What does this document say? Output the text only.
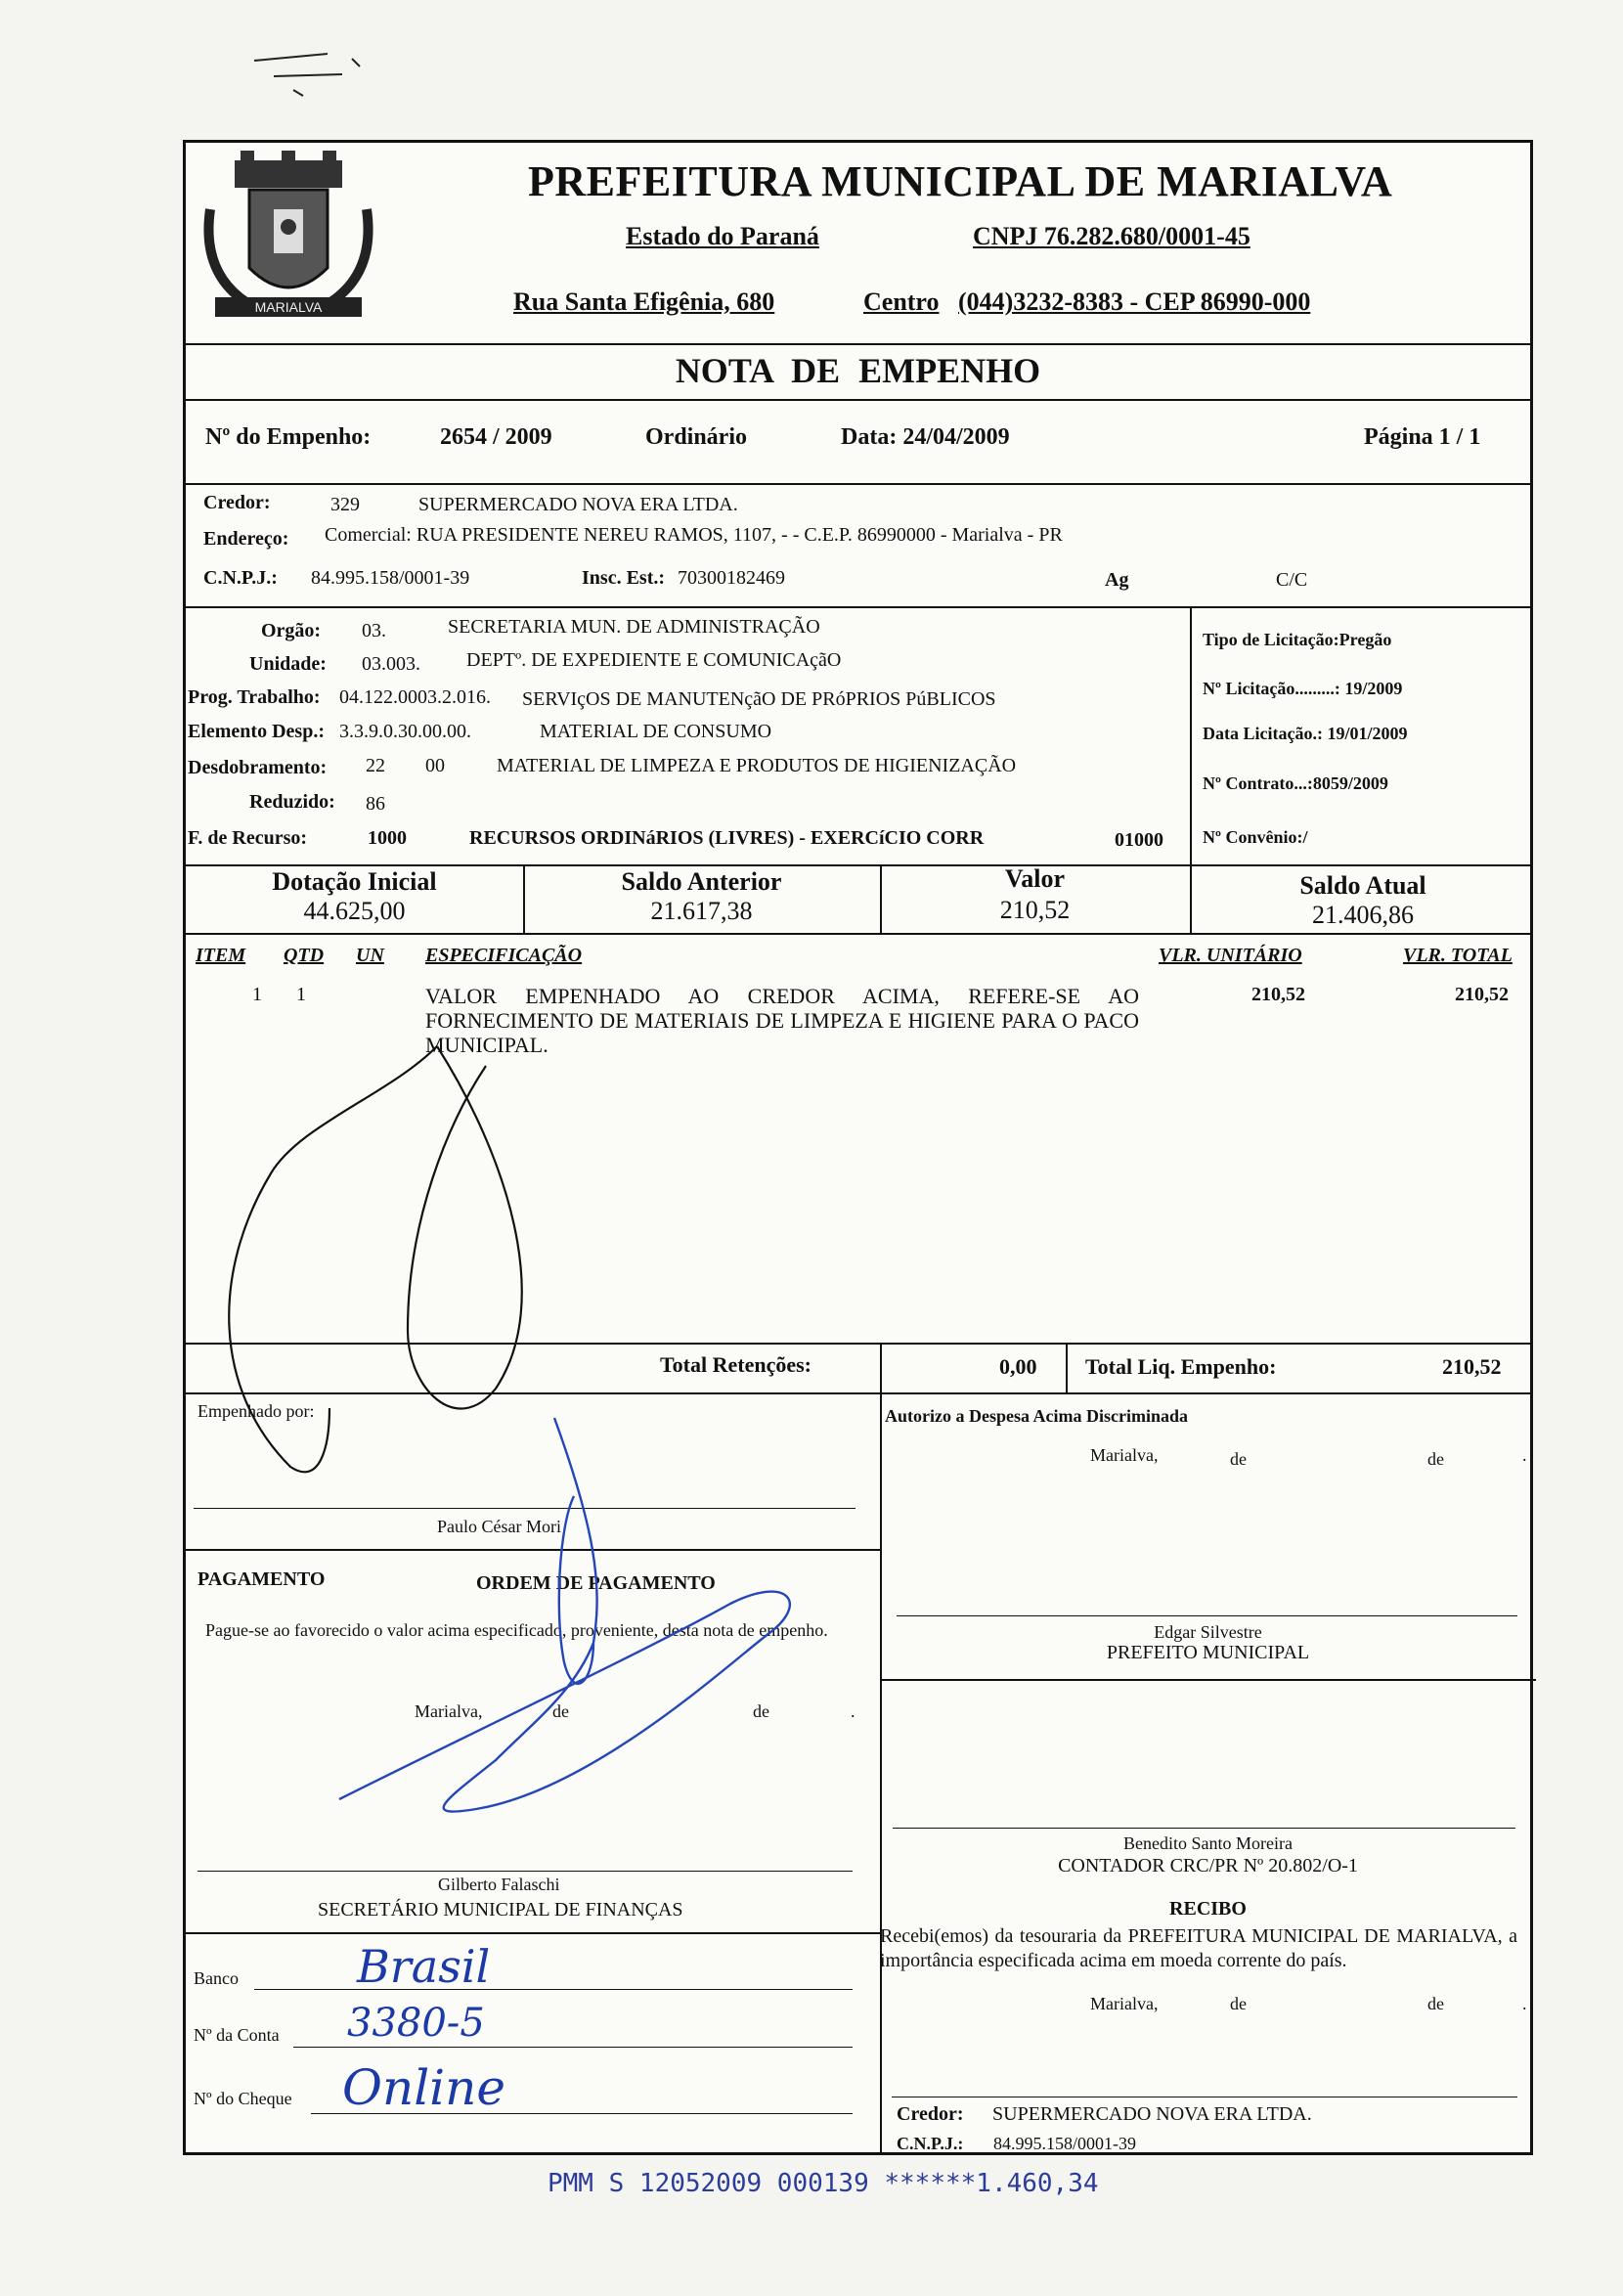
MARIALVA
PREFEITURA MUNICIPAL DE MARIALVA
Estado do Paraná	CNPJ 76.282.680/0001-45
Rua Santa Efigênia, 680	Centro (044)3232-8383 - CEP 86990-000
NOTA DE EMPENHO
Nº do Empenho:	2654 / 2009	Ordinário	Data: 24/04/2009	Página 1 / 1
Credor:	329	SUPERMERCADO NOVA ERA LTDA.
Endereço: Comercial: RUA PRESIDENTE NEREU RAMOS, 1107, - - C.E.P. 86990000 - Marialva - PR
C.N.P.J.: 84.995.158/0001-39	Insc. Est.: 70300182469	Ag	C/C
Orgão: 03.	SECRETARIA MUN. DE ADMINISTRAÇÃO
Unidade: 03.003. DEPTº. DE EXPEDIENTE E COMUNICAçãO
Prog. Trabalho: 04.122.0003.2.016. SERVIçOS DE MANUTENçãO DE PRóPRIOS PúBLICOS
Elemento Desp.: 3.3.9.0.30.00.00.	MATERIAL DE CONSUMO
Desdobramento: 22 00	MATERIAL DE LIMPEZA E PRODUTOS DE HIGIENIZAÇÃO
Reduzido: 86
F. de Recurso:	1000	RECURSOS ORDINáRIOS (LIVRES) - EXERCíCIO CORR	01000
Tipo de Licitação:Pregão
Nº Licitação.........: 19/2009
Data Licitação.: 19/01/2009
Nº Contrato...:8059/2009
Nº Convênio:/
Dotação Inicial
44.625,00
Saldo Anterior
21.617,38
Valor
210,52
Saldo Atual
21.406,86
ITEM QTD UN ESPECIFICAÇÃO	VLR. UNITÁRIO	VLR. TOTAL
1 1	VALOR EMPENHADO AO CREDOR ACIMA, REFERE-SE AO FORNECIMENTO DE MATERIAIS DE LIMPEZA E HIGIENE PARA O PACO MUNICIPAL.
210,52	210,52
Total Retenções:	0,00 Total Liq. Empenho:	210,52
Empenhado por:
Paulo César Mori
PAGAMENTO	ORDEM DE PAGAMENTO
Pague-se ao favorecido o valor acima especificado, proveniente, desta nota de empenho.
Marialva,	de	de	.
Gilberto Falaschi
SECRETÁRIO MUNICIPAL DE FINANÇAS
Banco	Brasil
Nº da Conta 3380-5
Nº do Cheque Online
Autorizo a Despesa Acima Discriminada
Marialva,	de	de	.
Edgar Silvestre
PREFEITO MUNICIPAL
Benedito Santo Moreira
CONTADOR CRC/PR Nº 20.802/O-1
RECIBO
Recebi(emos) da tesouraria da PREFEITURA MUNICIPAL DE MARIALVA, a importância especificada acima em moeda corrente do país.
Marialva,	de	de	.
Credor: SUPERMERCADO NOVA ERA LTDA.
C.N.P.J.: 84.995.158/0001-39
PMM S 12052009 000139 ******1.460,34
